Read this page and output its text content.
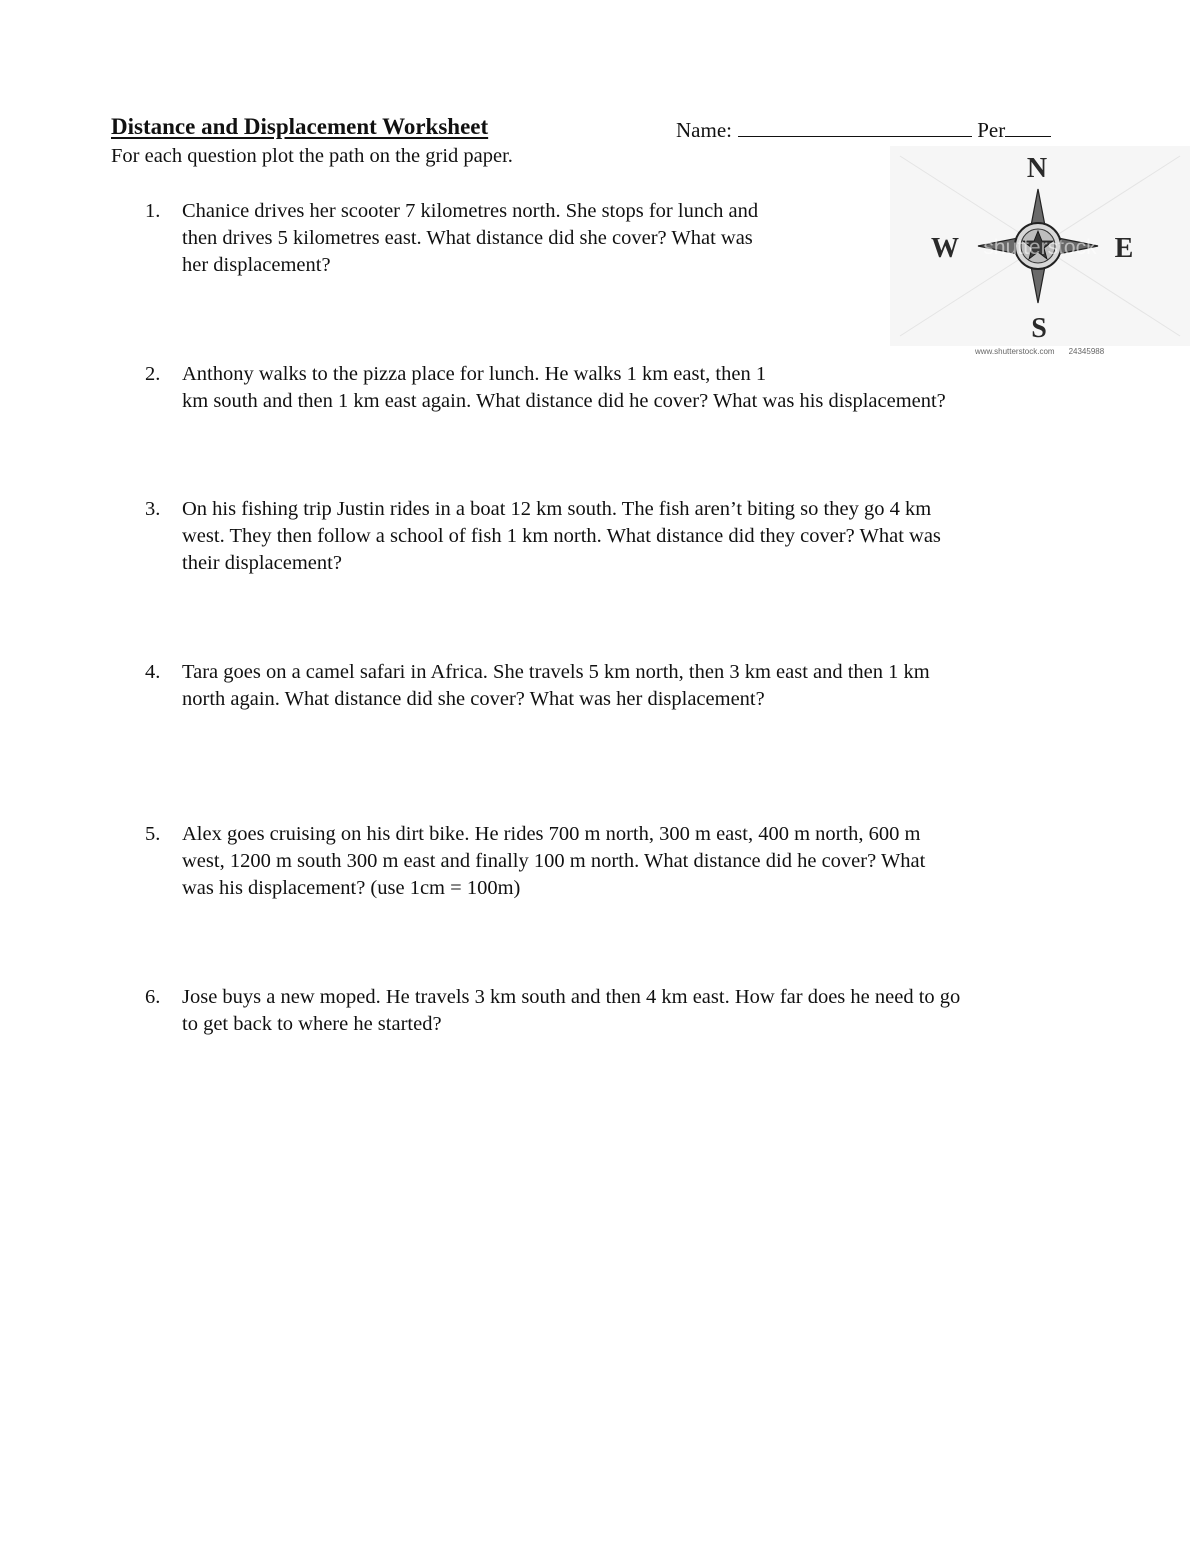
Distance and Displacement Worksheet	Name:	Per
For each question plot the path on the grid paper.	N
S
W	E
shutterstock
www.shutterstock.com 24345988
1.	Chanice drives her scooter 7 kilometres north. She stops for lunch and
then drives 5 kilometres east. What distance did she cover? What was
her displacement?
2.	Anthony walks to the pizza place for lunch. He walks 1 km east, then 1
km south and then 1 km east again. What distance did he cover? What was his displacement?
3.	On his fishing trip Justin rides in a boat 12 km south. The fish aren’t biting so they go 4 km
west. They then follow a school of fish 1 km north. What distance did they cover? What was
their displacement?
4.	Tara goes on a camel safari in Africa. She travels 5 km north, then 3 km east and then 1 km
north again. What distance did she cover? What was her displacement?
5.	Alex goes cruising on his dirt bike. He rides 700 m north, 300 m east, 400 m north, 600 m
west, 1200 m south 300 m east and finally 100 m north. What distance did he cover? What
was his displacement? (use 1cm = 100m)
6.	Jose buys a new moped. He travels 3 km south and then 4 km east. How far does he need to go
to get back to where he started?
